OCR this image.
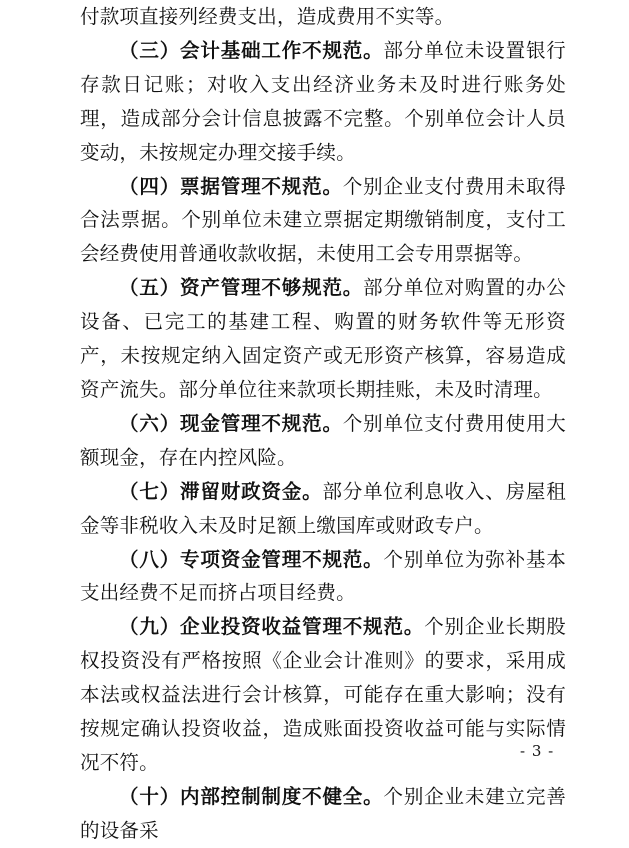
付款项直接列经费支出，造成费用不实等。

（三）会计基础工作不规范。部分单位未设置银行存款日记账；对收入支出经济业务未及时进行账务处理，造成部分会计信息披露不完整。个别单位会计人员变动，未按规定办理交接手续。

（四）票据管理不规范。个别企业支付费用未取得合法票据。个别单位未建立票据定期缴销制度，支付工会经费使用普通收款收据，未使用工会专用票据等。

（五）资产管理不够规范。部分单位对购置的办公设备、已完工的基建工程、购置的财务软件等无形资产，未按规定纳入固定资产或无形资产核算，容易造成资产流失。部分单位往来款项长期挂账，未及时清理。

（六）现金管理不规范。个别单位支付费用使用大额现金，存在内控风险。

（七）滞留财政资金。部分单位利息收入、房屋租金等非税收入未及时足额上缴国库或财政专户。

（八）专项资金管理不规范。个别单位为弥补基本支出经费不足而挤占项目经费。

（九）企业投资收益管理不规范。个别企业长期股权投资没有严格按照《企业会计准则》的要求，采用成本法或权益法进行会计核算，可能存在重大影响；没有按规定确认投资收益，造成账面投资收益可能与实际情况不符。

（十）内部控制制度不健全。个别企业未建立完善的设备采

- 3 -
